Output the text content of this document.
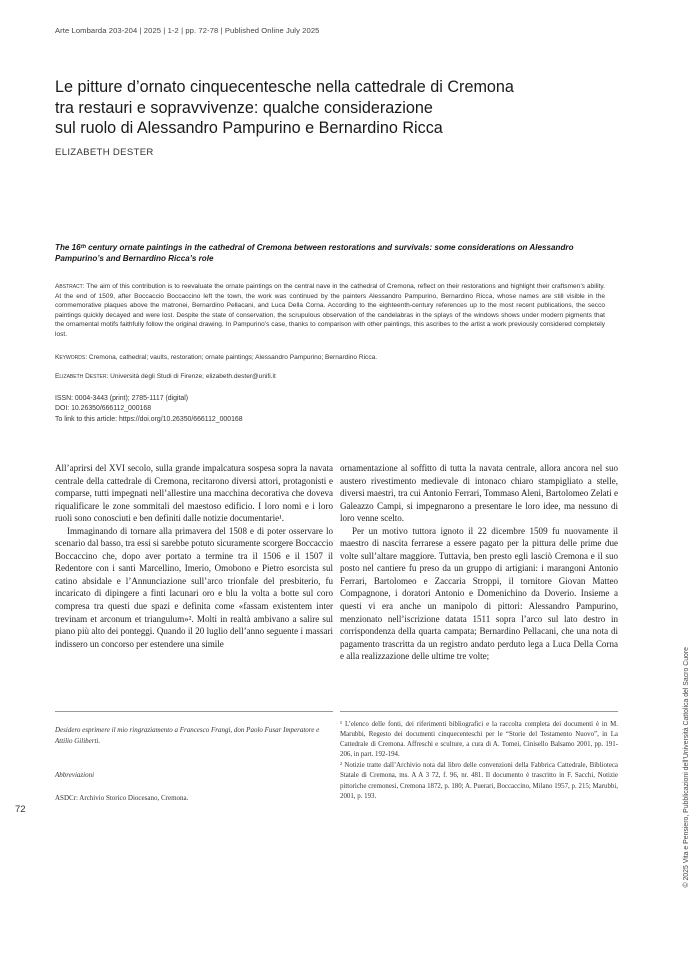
Arte Lombarda 203-204 | 2025 | 1-2 | pp. 72-78 | Published Online July 2025
Le pitture d’ornato cinquecentesche nella cattedrale di Cremona
tra restauri e sopravvivenze: qualche considerazione
sul ruolo di Alessandro Pampurino e Bernardino Ricca
ELIZABETH DESTER
The 16ᵗʰ century ornate paintings in the cathedral of Cremona between restorations and survivals: some considerations on Alessandro Pampurino’s and Bernardino Ricca’s role
Abstract: The aim of this contribution is to reevaluate the ornate paintings on the central nave in the cathedral of Cremona, reflect on their restorations and highlight their craftsmen’s ability. At the end of 1509, after Boccaccio Boccaccino left the town, the work was continued by the painters Alessandro Pampurino, Bernardino Ricca, whose names are still visible in the commemorative plaques above the matronei, Bernardino Pellacani, and Luca Della Corna. According to the eighteenth-century references up to the most recent publications, the secco paintings quickly decayed and were lost. Despite the state of conservation, the scrupulous observation of the candelabras in the splays of the windows shows under modern pigments that the ornamental motifs faithfully follow the original drawing. In Pampurino’s case, thanks to comparison with other paintings, this ascribes to the artist a work previously considered completely lost.
Keywords: Cremona, cathedral; vaults, restoration; ornate paintings; Alessandro Pampurino; Bernardino Ricca.
Elizabeth Dester: Università degli Studi di Firenze; elizabeth.dester@unifi.it
ISSN: 0004-3443 (print); 2785-1117 (digital)
DOI: 10.26350/666112_000168
To link to this article: https://doi.org/10.26350/666112_000168

All’aprirsi del XVI secolo, sulla grande impalcatura sospesa sopra la navata centrale della cattedrale di Cremona, recitarono diversi attori, protagonisti e comparse, tutti impegnati nell’allestire una macchina decorativa che doveva riqualificare le zone sommitali del maestoso edificio. I loro nomi e i loro ruoli sono conosciuti e ben definiti dalle notizie documentarie¹.

Immaginando di tornare alla primavera del 1508 e di poter osservare lo scenario dal basso, tra essi si sarebbe potuto sicuramente scorgere Boccaccio Boccaccino che, dopo aver portato a termine tra il 1506 e il 1507 il Redentore con i santi Marcellino, Imerio, Omobono e Pietro esorcista sul catino absidale e l’Annunciazione sull’arco trionfale del presbiterio, fu incaricato di dipingere a finti lacunari oro e blu la volta a botte sul coro compresa tra questi due spazi e definita come «fassam existentem inter trevinam et arconum et triangulum»². Molti in realtà ambivano a salire sul piano più alto dei ponteggi. Quando il 20 luglio dell’anno seguente i massari indissero un concorso per estendere una simile

ornamentazione al soffitto di tutta la navata centrale, allora ancora nel suo austero rivestimento medievale di intonaco chiaro stampigliato a stelle, diversi maestri, tra cui Antonio Ferrari, Tommaso Aleni, Bartolomeo Zelati e Galeazzo Campi, si impegnarono a presentare le loro idee, ma nessuno di loro venne scelto.

Per un motivo tuttora ignoto il 22 dicembre 1509 fu nuovamente il maestro di nascita ferrarese a essere pagato per la pittura delle prime due volte sull’altare maggiore. Tuttavia, ben presto egli lasciò Cremona e il suo posto nel cantiere fu preso da un gruppo di artigiani: i marangoni Antonio Ferrari, Bartolomeo e Zaccaria Stroppi, il tornitore Giovan Matteo Compagnone, i doratori Antonio e Domenichino da Doverio. Insieme a questi vi era anche un manipolo di pittori: Alessandro Pampurino, menzionato nell’iscrizione datata 1511 sopra l’arco sul lato destro in corrispondenza della quarta campata; Bernardino Pellacani, che una nota di pagamento trascritta da un registro andato perduto lega a Luca Della Corna e alla realizzazione delle ultime tre volte;

Desidero esprimere il mio ringraziamento a Francesco Frangi, don Paolo Fusar Imperatore e Attilio Giliberti.
Abbreviazioni
ASDCr: Archivio Storico Diocesano, Cremona.
¹ L’elenco delle fonti, dei riferimenti bibliografici e la raccolta completa dei documenti è in M. Marubbi, Regesto dei documenti cinquecenteschi per le “Storie del Testamento Nuovo”, in La Cattedrale di Cremona. Affreschi e sculture, a cura di A. Tomei, Cinisello Balsamo 2001, pp. 191-206, in part. 192-194.
² Notizie tratte dall’Archivio nota dal libro delle convenzioni della Fabbrica Cattedrale, Biblioteca Statale di Cremona, ms. A A 3 72, f. 96, nr. 481. Il documento è trascritto in F. Sacchi, Notizie pittoriche cremonesi, Cremona 1872, p. 180; A. Puerari, Boccaccino, Milano 1957, p. 215; Marubbi, 2001, p. 193.
72	© 2025 Vita e Pensiero, Pubblicazioni dell’Università Cattolica del Sacro Cuore
